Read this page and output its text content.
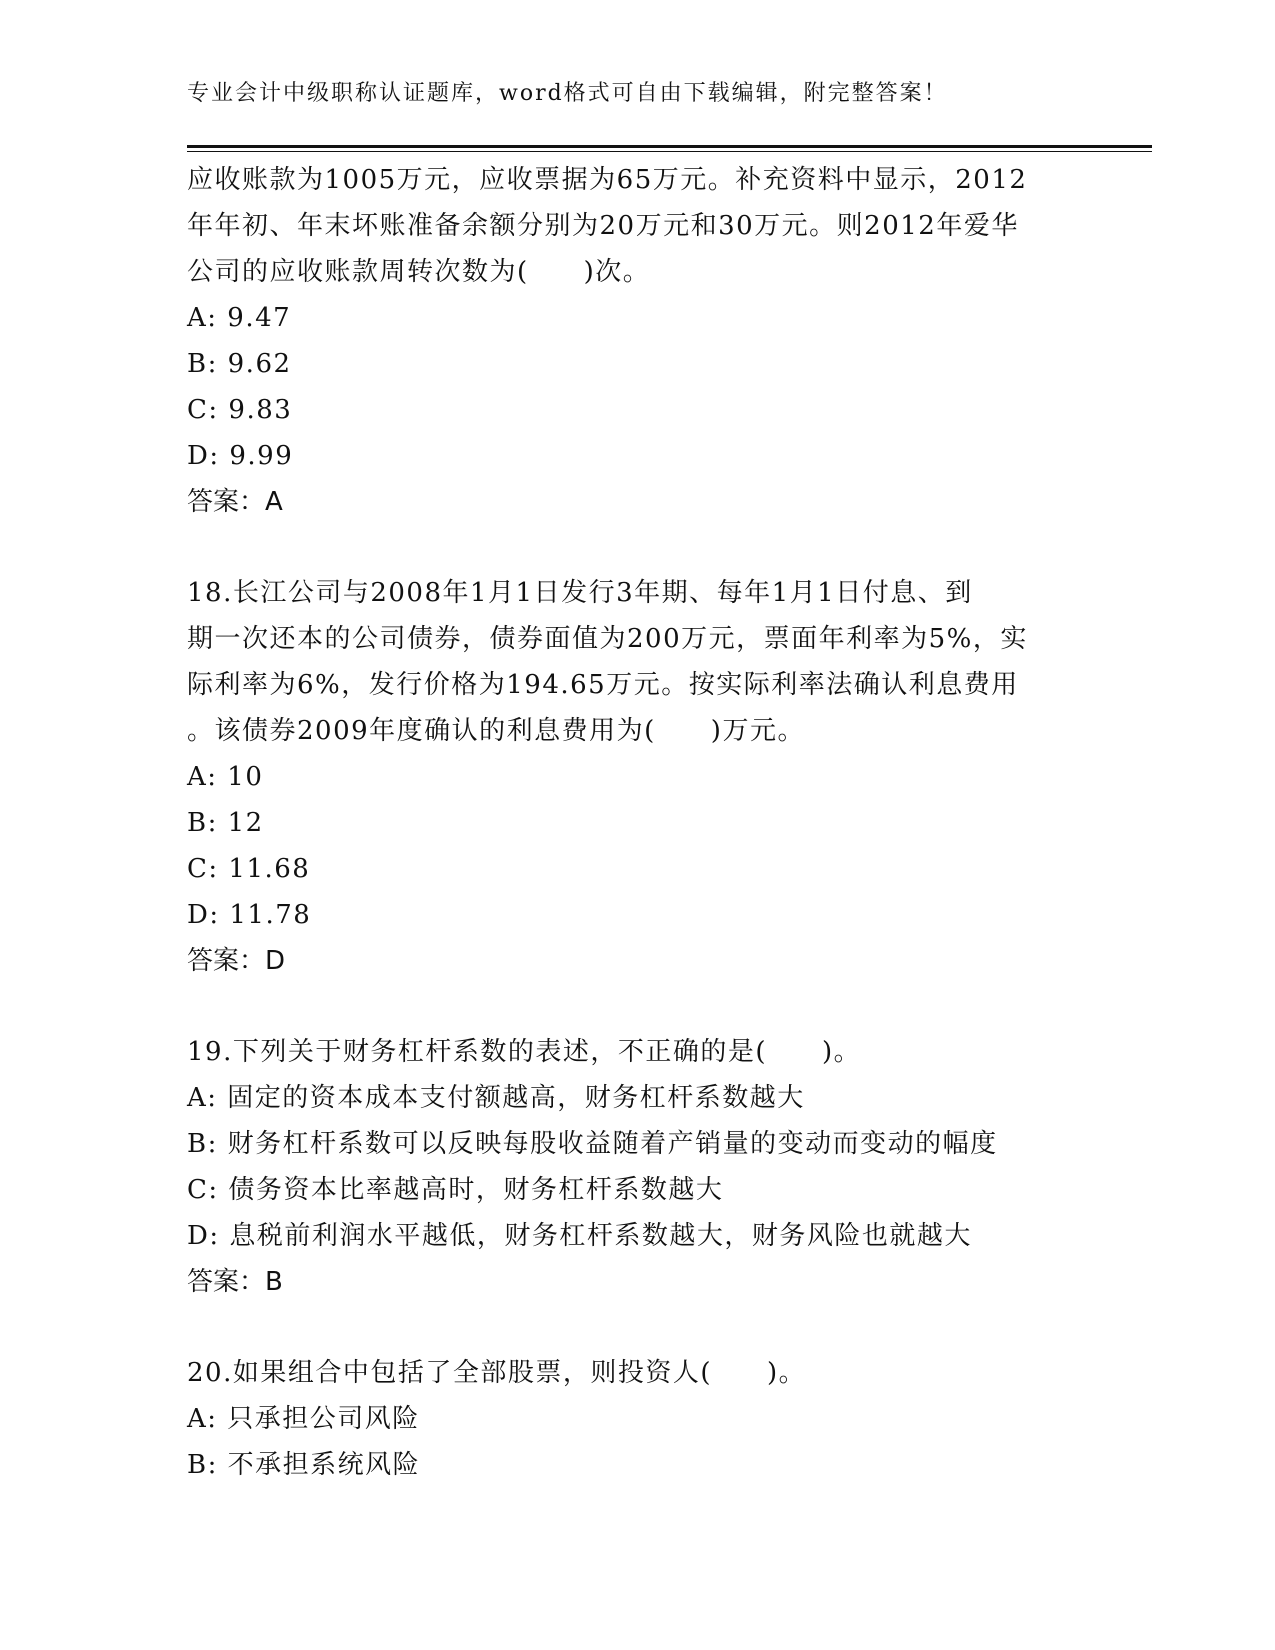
专业会计中级职称认证题库，word格式可自由下载编辑，附完整答案！
应收账款为1005万元，应收票据为65万元。补充资料中显示，2012
年年初、年末坏账准备余额分别为20万元和30万元。则2012年爱华
公司的应收账款周转次数为(　　)次。
A: 9.47
B: 9.62
C: 9.83
D: 9.99
答案：A
18.长江公司与2008年1月1日发行3年期、每年1月1日付息、到
期一次还本的公司债券，债券面值为200万元，票面年利率为5%，实
际利率为6%，发行价格为194.65万元。按实际利率法确认利息费用
。该债券2009年度确认的利息费用为(　　)万元。
A: 10
B: 12
C: 11.68
D: 11.78
答案：D
19.下列关于财务杠杆系数的表述，不正确的是(　　)。
A: 固定的资本成本支付额越高，财务杠杆系数越大
B: 财务杠杆系数可以反映每股收益随着产销量的变动而变动的幅度
C: 债务资本比率越高时，财务杠杆系数越大
D: 息税前利润水平越低，财务杠杆系数越大，财务风险也就越大
答案：B
20.如果组合中包括了全部股票，则投资人(　　)。
A: 只承担公司风险
B: 不承担系统风险
